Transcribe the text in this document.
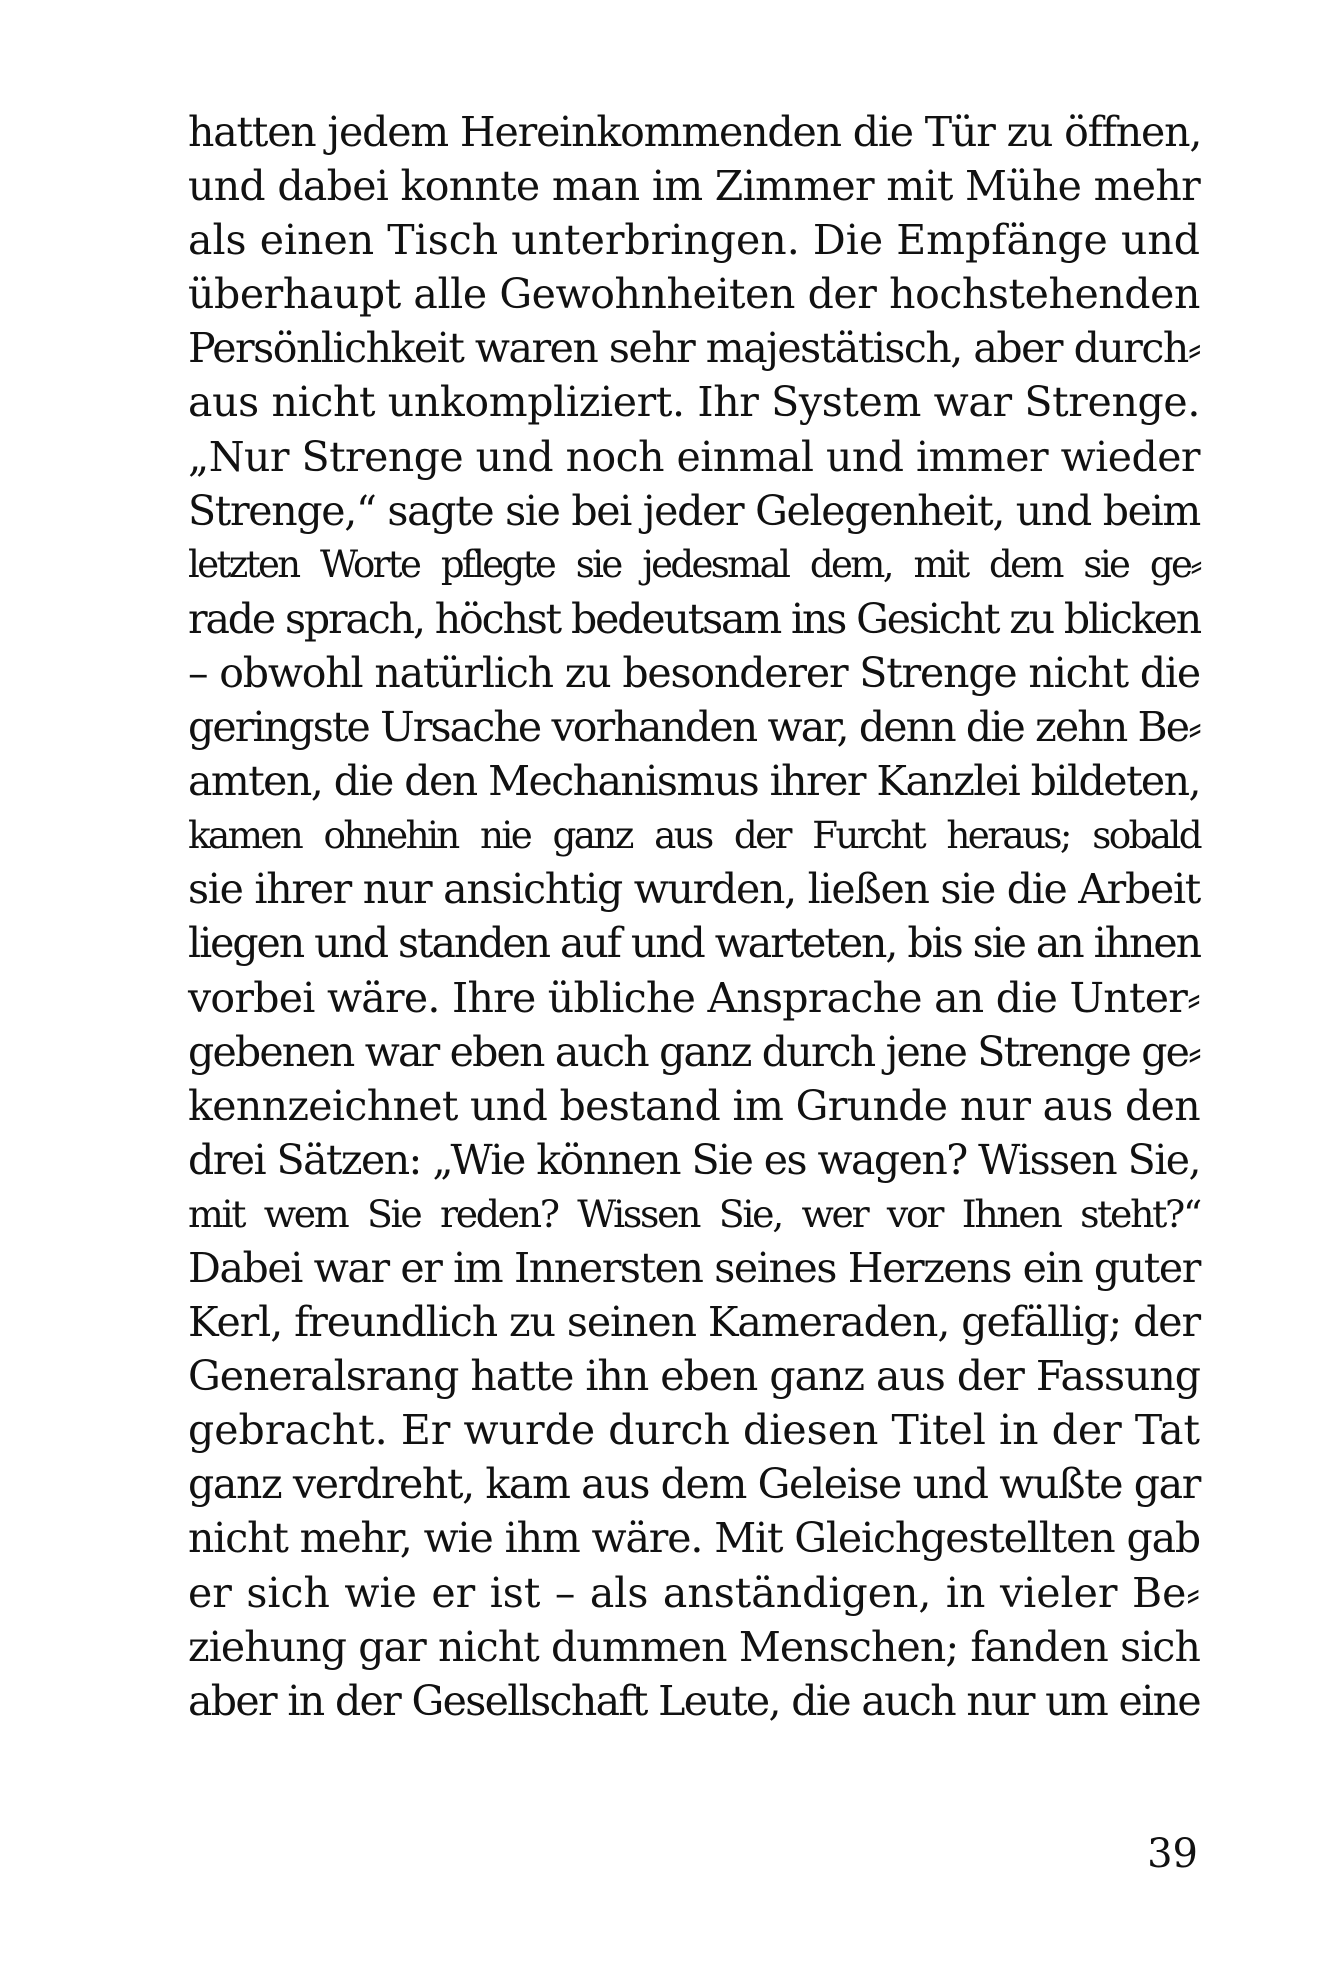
hatten jedem Hereinkommenden die Tür zu öffnen,
und dabei konnte man im Zimmer mit Mühe mehr
als einen Tisch unterbringen. Die Empfänge und
überhaupt alle Gewohnheiten der hochstehenden
Persönlichkeit waren sehr majestätisch, aber durch⸗
aus nicht unkompliziert. Ihr System war Strenge.
„Nur Strenge und noch einmal und immer wieder
Strenge,“ sagte sie bei jeder Gelegenheit, und beim
letzten Worte pflegte sie jedesmal dem, mit dem sie ge⸗
rade sprach, höchst bedeutsam ins Gesicht zu blicken
– obwohl natürlich zu besonderer Strenge nicht die
geringste Ursache vorhanden war, denn die zehn Be⸗
amten, die den Mechanismus ihrer Kanzlei bildeten,
kamen ohnehin nie ganz aus der Furcht heraus; sobald
sie ihrer nur ansichtig wurden, ließen sie die Arbeit
liegen und standen auf und warteten, bis sie an ihnen
vorbei wäre. Ihre übliche Ansprache an die Unter⸗
gebenen war eben auch ganz durch jene Strenge ge⸗
kennzeichnet und bestand im Grunde nur aus den
drei Sätzen: „Wie können Sie es wagen? Wissen Sie,
mit wem Sie reden? Wissen Sie, wer vor Ihnen steht?“
Dabei war er im Innersten seines Herzens ein guter
Kerl, freundlich zu seinen Kameraden, gefällig; der
Generalsrang hatte ihn eben ganz aus der Fassung
gebracht. Er wurde durch diesen Titel in der Tat
ganz verdreht, kam aus dem Geleise und wußte gar
nicht mehr, wie ihm wäre. Mit Gleichgestellten gab
er sich wie er ist – als anständigen, in vieler Be⸗
ziehung gar nicht dummen Menschen; fanden sich
aber in der Gesellschaft Leute, die auch nur um eine
39
